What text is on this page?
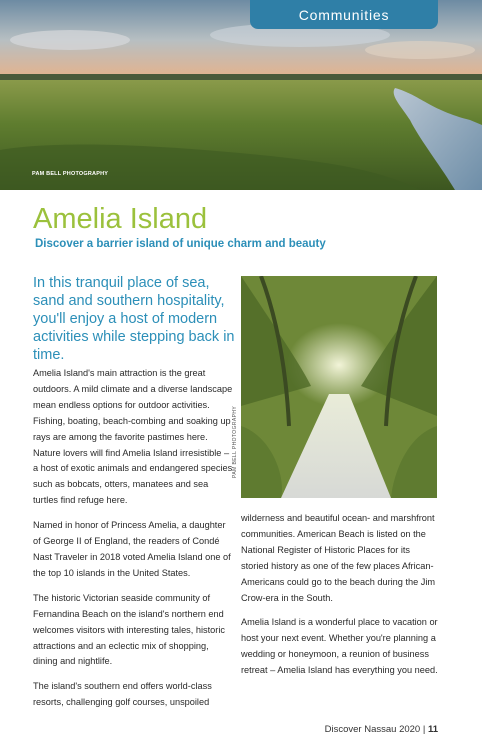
PAM BELL PHOTOGRAPHY
Communities
Amelia Island
Discover a barrier island of unique charm and beauty

In this tranquil place of sea, sand and southern hospitality, you'll enjoy a host of modern activities while stepping back in time.

Amelia Island's main attraction is the great outdoors. A mild climate and a diverse landscape mean endless options for outdoor activities. Fishing, boating, beach-combing and soaking up rays are among the favorite pastimes here. Nature lovers will find Amelia Island irresistible – a host of exotic animals and endangered species such as bobcats, otters, manatees and sea turtles find refuge here.

Named in honor of Princess Amelia, a daughter of George II of England, the readers of Condé Nast Traveler in 2018 voted Amelia Island one of the top 10 islands in the United States.

The historic Victorian seaside community of Fernandina Beach on the island's northern end welcomes visitors with interesting tales, historic attractions and an eclectic mix of shopping, dining and nightlife.

The island's southern end offers world-class resorts, challenging golf courses, unspoiled

PAM BELL PHOTOGRAPHY

wilderness and beautiful ocean- and marshfront communities. American Beach is listed on the National Register of Historic Places for its storied history as one of the few places African-Americans could go to the beach during the Jim Crow-era in the South.

Amelia Island is a wonderful place to vacation or host your next event. Whether you're planning a wedding or honeymoon, a reunion of business retreat – Amelia Island has everything you need.

Discover Nassau 2020 | 11
